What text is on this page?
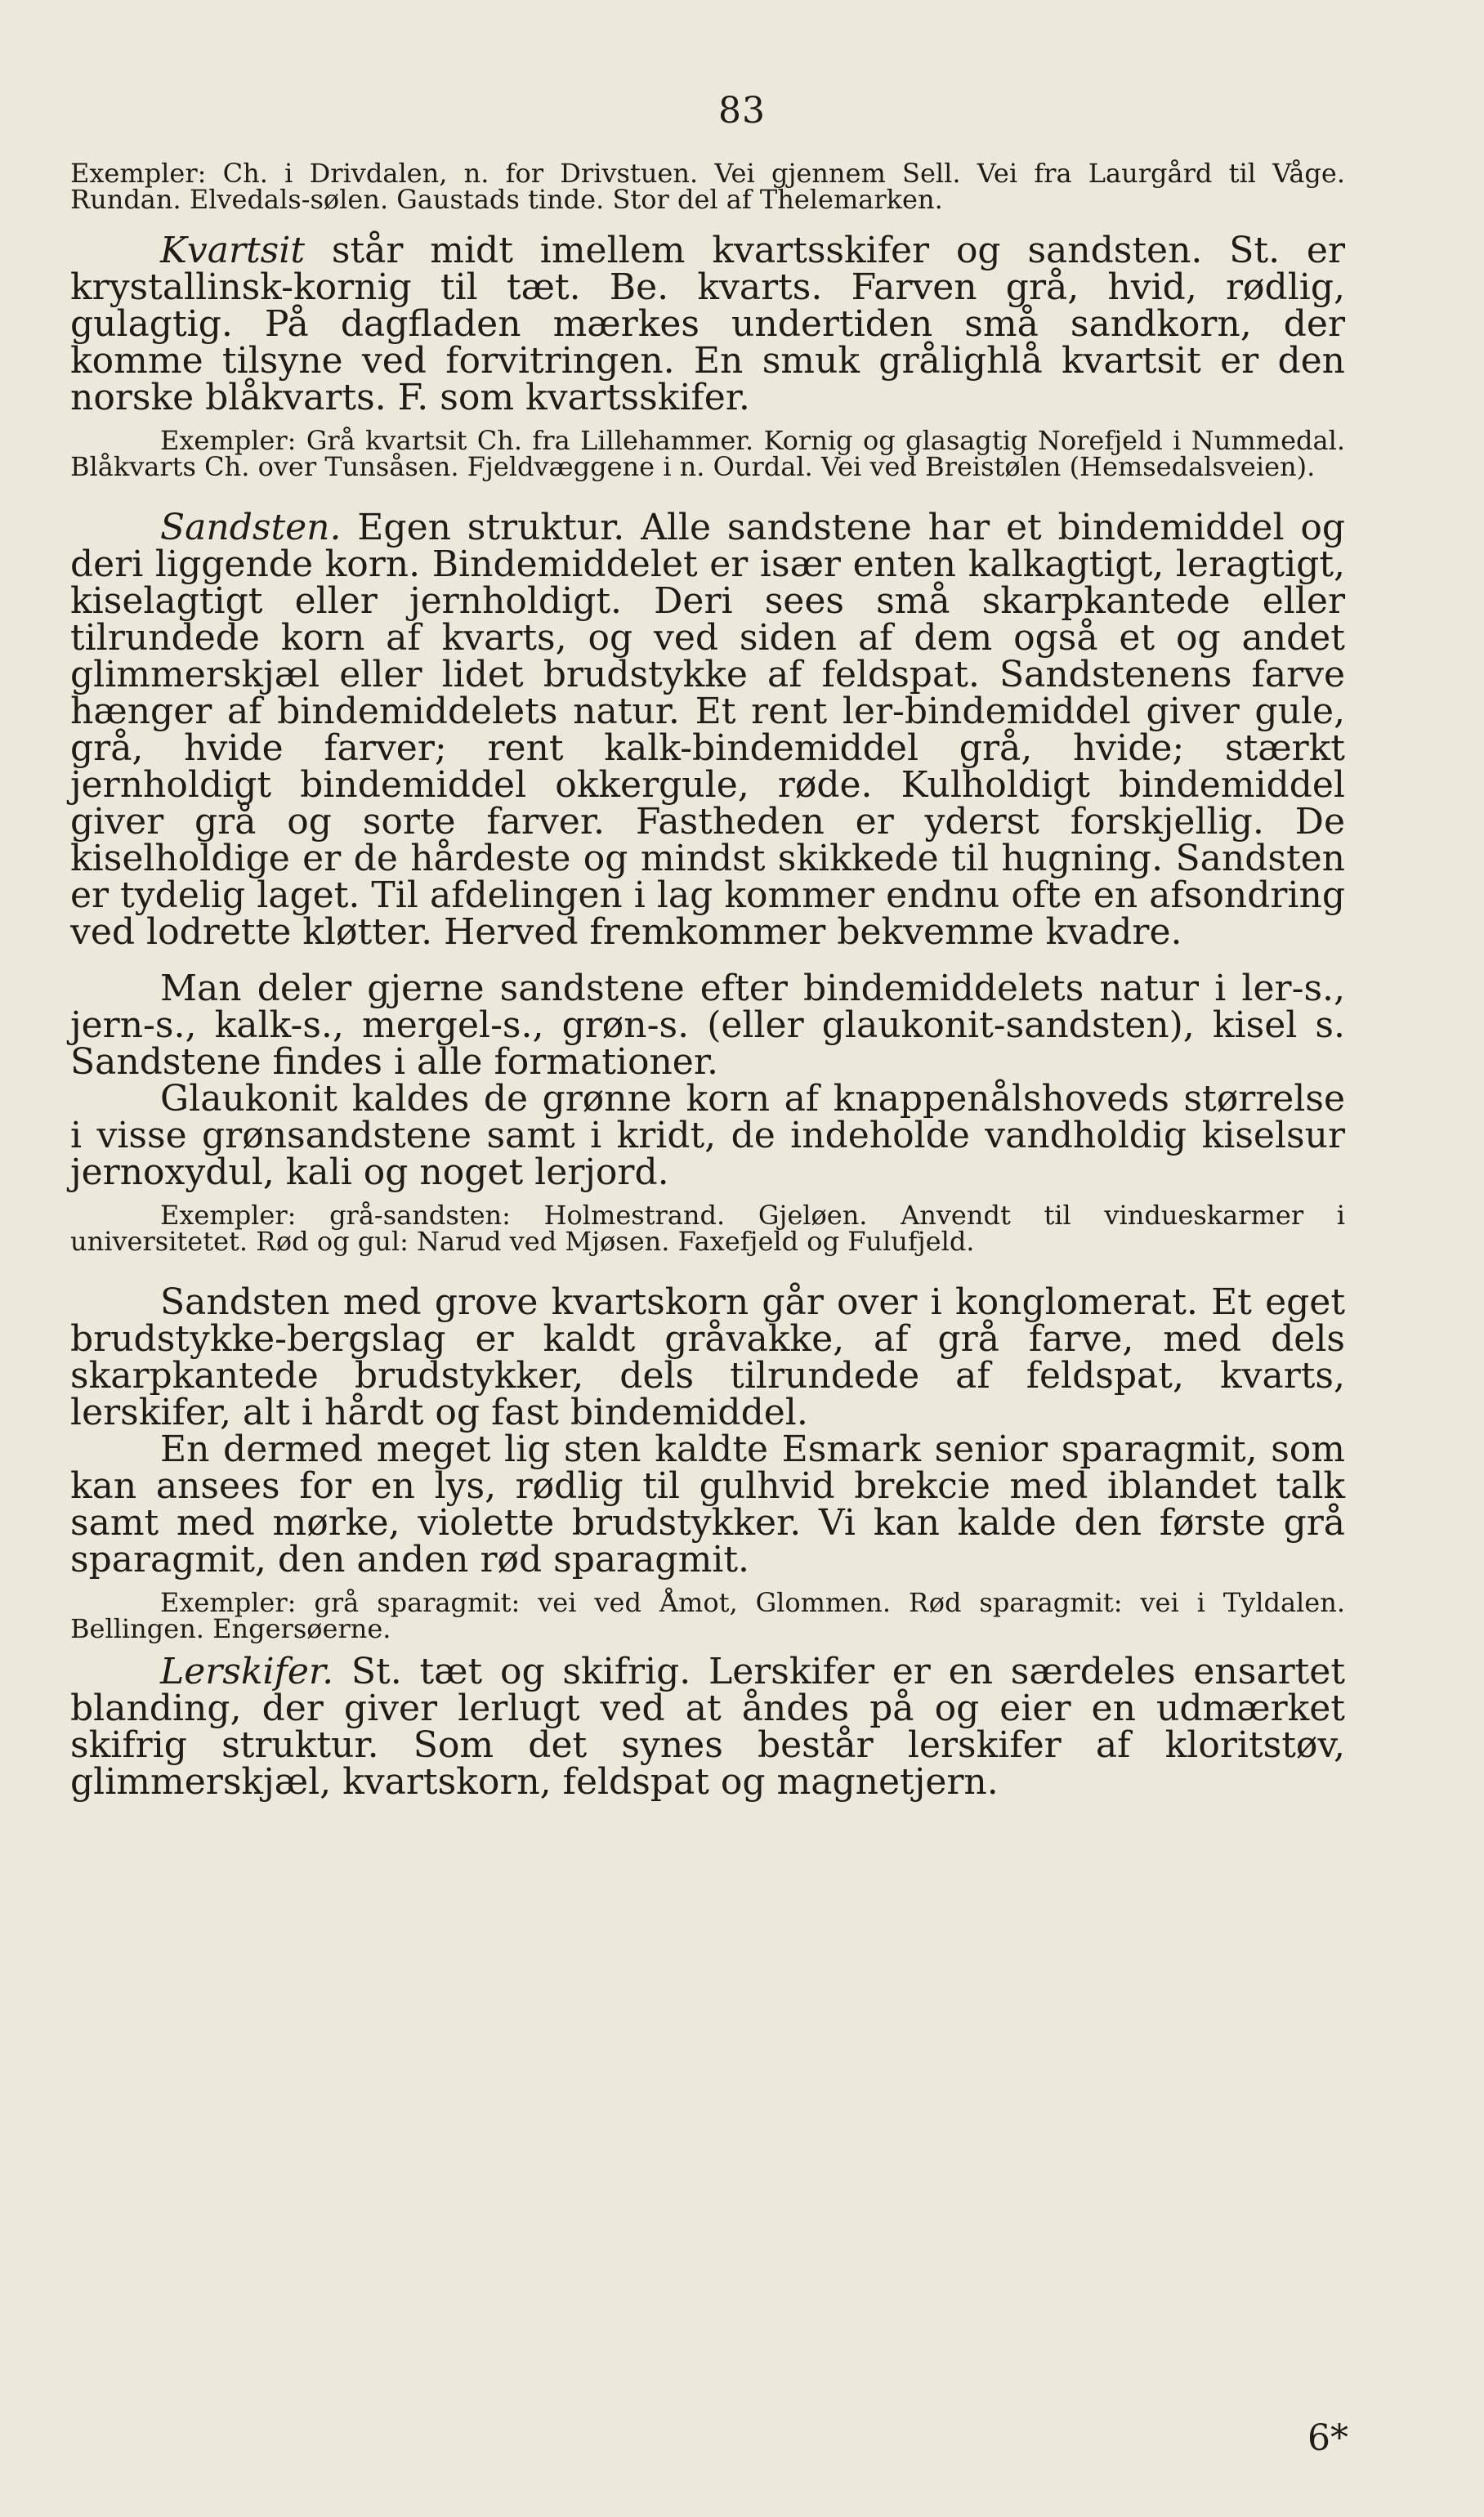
83

Exempler: Ch. i Drivdalen, n. for Drivstuen. Vei gjennem Sell. Vei fra Laurgård til Våge. Rundan. Elvedals-sølen. Gaustads tinde. Stor del af Thelemarken.

Kvartsit står midt imellem kvartsskifer og sandsten. St. er krystallinsk-kornig til tæt. Be. kvarts. Farven grå, hvid, rødlig, gulagtig. På dagfladen mærkes undertiden små sandkorn, der komme tilsyne ved forvitringen. En smuk grålighlå kvartsit er den norske blåkvarts. F. som kvartsskifer.

Exempler: Grå kvartsit Ch. fra Lillehammer. Kornig og glasagtig Norefjeld i Nummedal. Blåkvarts Ch. over Tunsåsen. Fjeldvæggene i n. Ourdal. Vei ved Breistølen (Hemsedalsveien).

Sandsten. Egen struktur. Alle sandstene har et bindemiddel og deri liggende korn. Bindemiddelet er især enten kalkagtigt, leragtigt, kiselagtigt eller jernholdigt. Deri sees små skarpkantede eller tilrundede korn af kvarts, og ved siden af dem også et og andet glimmerskjæl eller lidet brudstykke af feldspat. Sandstenens farve hænger af bindemiddelets natur. Et rent ler-bindemiddel giver gule, grå, hvide farver; rent kalk-bindemiddel grå, hvide; stærkt jernholdigt bindemiddel okkergule, røde. Kulholdigt bindemiddel giver grå og sorte farver. Fastheden er yderst forskjellig. De kiselholdige er de hårdeste og mindst skikkede til hugning. Sandsten er tydelig laget. Til afdelingen i lag kommer endnu ofte en afsondring ved lodrette kløtter. Herved fremkommer bekvemme kvadre.

Man deler gjerne sandstene efter bindemiddelets natur i ler-s., jern-s., kalk-s., mergel-s., grøn-s. (eller glaukonit-sandsten), kisel s. Sandstene findes i alle formationer.

Glaukonit kaldes de grønne korn af knappenålshoveds størrelse i visse grønsandstene samt i kridt, de indeholde vandholdig kiselsur jernoxydul, kali og noget lerjord.

Exempler: grå-sandsten: Holmestrand. Gjeløen. Anvendt til vindueskarmer i universitetet. Rød og gul: Narud ved Mjøsen. Faxefjeld og Fulufjeld.

Sandsten med grove kvartskorn går over i konglomerat. Et eget brudstykke-bergslag er kaldt gråvakke, af grå farve, med dels skarpkantede brudstykker, dels tilrundede af feldspat, kvarts, lerskifer, alt i hårdt og fast bindemiddel.

En dermed meget lig sten kaldte Esmark senior sparagmit, som kan ansees for en lys, rødlig til gulhvid brekcie med iblandet talk samt med mørke, violette brudstykker. Vi kan kalde den første grå sparagmit, den anden rød sparagmit.

Exempler: grå sparagmit: vei ved Åmot, Glommen. Rød sparagmit: vei i Tyldalen. Bellingen. Engersøerne.

Lerskifer. St. tæt og skifrig. Lerskifer er en særdeles ensartet blanding, der giver lerlugt ved at åndes på og eier en udmærket skifrig struktur. Som det synes består lerskifer af kloritstøv, glimmerskjæl, kvartskorn, feldspat og magnetjern.

6*
